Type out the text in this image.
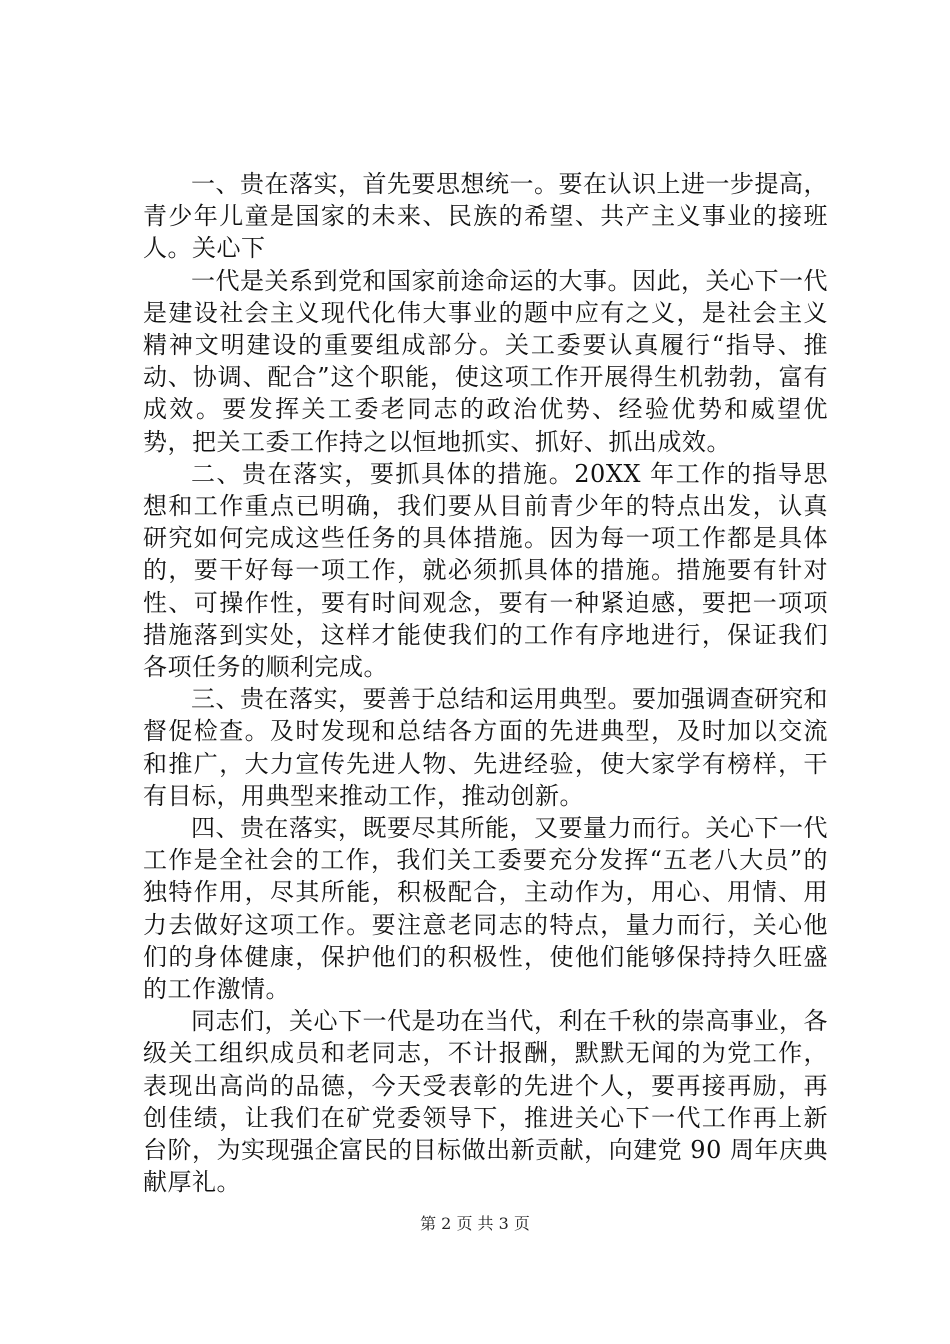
一、贵在落实，首先要思想统一。要在认识上进一步提高，青少年儿童是国家的未来、民族的希望、共产主义事业的接班人。关心下

一代是关系到党和国家前途命运的大事。因此，关心下一代是建设社会主义现代化伟大事业的题中应有之义，是社会主义精神文明建设的重要组成部分。关工委要认真履行“指导、推动、协调、配合”这个职能，使这项工作开展得生机勃勃，富有成效。要发挥关工委老同志的政治优势、经验优势和威望优势，把关工委工作持之以恒地抓实、抓好、抓出成效。

二、贵在落实，要抓具体的措施。20XX 年工作的指导思想和工作重点已明确，我们要从目前青少年的特点出发，认真研究如何完成这些任务的具体措施。因为每一项工作都是具体的，要干好每一项工作，就必须抓具体的措施。措施要有针对性、可操作性，要有时间观念，要有一种紧迫感，要把一项项措施落到实处，这样才能使我们的工作有序地进行，保证我们各项任务的顺利完成。

三、贵在落实，要善于总结和运用典型。要加强调查研究和督促检查。及时发现和总结各方面的先进典型，及时加以交流和推广，大力宣传先进人物、先进经验，使大家学有榜样，干有目标，用典型来推动工作，推动创新。

四、贵在落实，既要尽其所能，又要量力而行。关心下一代工作是全社会的工作，我们关工委要充分发挥“五老八大员”的独特作用，尽其所能，积极配合，主动作为，用心、用情、用力去做好这项工作。要注意老同志的特点，量力而行，关心他们的身体健康，保护他们的积极性，使他们能够保持持久旺盛的工作激情。

同志们，关心下一代是功在当代，利在千秋的崇高事业，各级关工组织成员和老同志，不计报酬，默默无闻的为党工作，表现出高尚的品德，今天受表彰的先进个人，要再接再励，再创佳绩，让我们在矿党委领导下，推进关心下一代工作再上新台阶，为实现强企富民的目标做出新贡献，向建党 90 周年庆典献厚礼。

第 2 页 共 3 页
